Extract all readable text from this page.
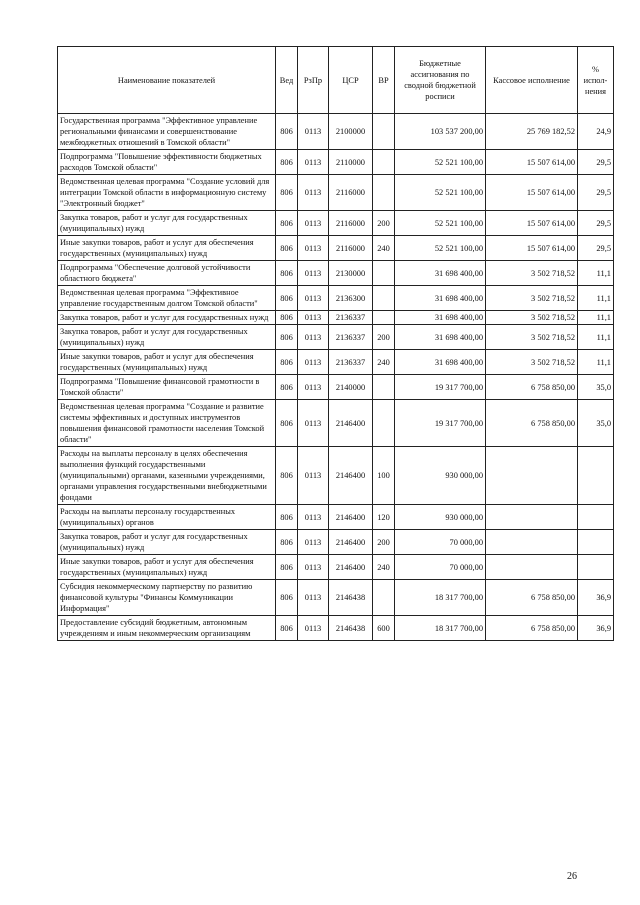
Наименование показателей	Вед	РзПр	ЦСР	ВР	Бюджетные ассигнования по сводной бюджетной росписи	Кассовое исполнение	% испол-нения
Государственная программа "Эффективное управление региональными финансами и совершенствование межбюджетных отношений в Томской области"	806	0113	2100000		103 537 200,00	25 769 182,52	24,9
Подпрограмма "Повышение эффективности бюджетных расходов Томской области"	806	0113	2110000		52 521 100,00	15 507 614,00	29,5
Ведомственная целевая программа "Создание условий для интеграции Томской области в информационную систему "Электронный бюджет"	806	0113	2116000		52 521 100,00	15 507 614,00	29,5
Закупка товаров, работ и услуг для государственных (муниципальных) нужд	806	0113	2116000	200	52 521 100,00	15 507 614,00	29,5
Иные закупки товаров, работ и услуг для обеспечения государственных (муниципальных) нужд	806	0113	2116000	240	52 521 100,00	15 507 614,00	29,5
Подпрограмма "Обеспечение долговой устойчивости областного бюджета"	806	0113	2130000		31 698 400,00	3 502 718,52	11,1
Ведомственная целевая программа "Эффективное управление государственным долгом Томской области"	806	0113	2136300		31 698 400,00	3 502 718,52	11,1
Закупка товаров, работ и услуг для государственных нужд	806	0113	2136337		31 698 400,00	3 502 718,52	11,1
Закупка товаров, работ и услуг для государственных (муниципальных) нужд	806	0113	2136337	200	31 698 400,00	3 502 718,52	11,1
Иные закупки товаров, работ и услуг для обеспечения государственных (муниципальных) нужд	806	0113	2136337	240	31 698 400,00	3 502 718,52	11,1
Подпрограмма "Повышение финансовой грамотности в Томской области"	806	0113	2140000		19 317 700,00	6 758 850,00	35,0
Ведомственная целевая программа "Создание и развитие системы эффективных и доступных инструментов повышения финансовой грамотности населения Томской области"	806	0113	2146400		19 317 700,00	6 758 850,00	35,0
Расходы на выплаты персоналу в целях обеспечения выполнения функций государственными (муниципальными) органами, казенными учреждениями, органами управления государственными внебюджетными фондами	806	0113	2146400	100	930 000,00		
Расходы на выплаты персоналу государственных (муниципальных) органов	806	0113	2146400	120	930 000,00		
Закупка товаров, работ и услуг для государственных (муниципальных) нужд	806	0113	2146400	200	70 000,00		
Иные закупки товаров, работ и услуг для обеспечения государственных (муниципальных) нужд	806	0113	2146400	240	70 000,00		
Субсидия некоммерческому партнерству по развитию финансовой культуры "Финансы Коммуникации Информация"	806	0113	2146438		18 317 700,00	6 758 850,00	36,9
Предоставление субсидий бюджетным, автономным учреждениям и иным некоммерческим организациям	806	0113	2146438	600	18 317 700,00	6 758 850,00	36,9
26
